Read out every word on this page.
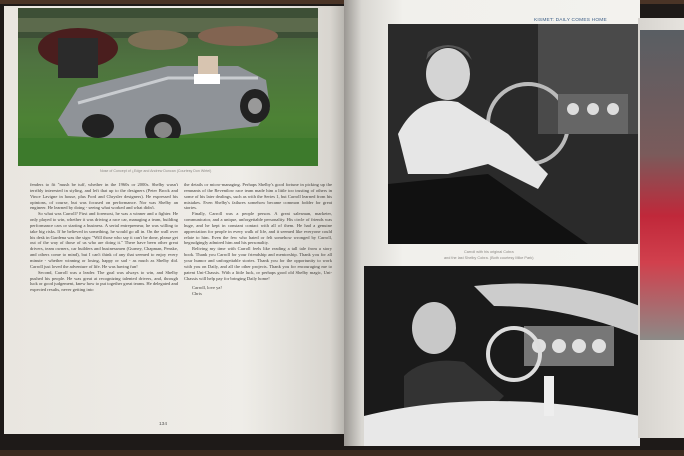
Nose of Concept of ¿Edge and Andrew Duncan (Courtesy Don Wirtel)

fenders to fit "mush be tuff, whether in the 1960s or 2000s. Shelby wasn't terribly interested in styling, and left that up to the designers (Peter Brock and Vince Lavigne in house, plus Ford and Chrysler designers). He expressed his opinions, of course, but was focused on performance. Nor was Shelby an engineer. He learned by doing - seeing what worked and what didn't.

So what was Carroll? First and foremost, he was a winner and a fighter. He only played to win, whether it was driving a race car, managing a team, building performance cars or starting a business. A serial entrepreneur, he was willing to take big risks. If he believed in something, he would go all in. On the wall over his desk in Gardena was the sign: "Will those who say it can't be done, please get out of the way of those of us who are doing it." There have been other great drivers, team owners, car builders and businessmen (Gurney, Chapman, Penske, and others come to mind), but I can't think of any that seemed to enjoy every minute - whether winning or losing, happy or sad - as much as Shelby did. Carroll just loved the adventure of life. He was having fun!

Second, Carroll was a leader. The goal was always to win, and Shelby pushed his people. He was great at recognizing talented drivers, and, through luck or good judgement, knew how to put together great teams. He delegated and expected results, never getting into

the details or micro-managing. Perhaps Shelby's good fortune in picking up the remnants of the Reventlow race team made him a little too trusting of others in some of his later dealings, such as with the Series 1, but Carroll learned from his mistakes. Even Shelby's failures somehow became common fodder for great stories.

Finally, Carroll was a people person. A great salesman, marketer, communicator, and a unique, unforgettable personality. His circle of friends was huge, and he kept in constant contact with all of them. He had a genuine appreciation for people in every walk of life, and it seemed like everyone could relate to him. Even the few who hated or felt somehow wronged by Carroll, begrudgingly admired him and his personality.

Reliving my time with Carroll feels like reading a tall tale from a story book. Thank you Carroll for your friendship and mentorship. Thank you for all your humor and unforgettable stories. Thank you for the opportunity to work with you on Daily, and all the other projects. Thank you for encouraging me to patent Uni-Chassis. With a little luck, or perhaps good old Shelby magic, Uni-Chassis will help pay for bringing Daily home!

Carroll, love ya!

Chris

134
KISMET: DAILY COMES HOME
Carroll with his original Cobra
and the last Shelby Cobra. (Both courtesy Mike Park)
